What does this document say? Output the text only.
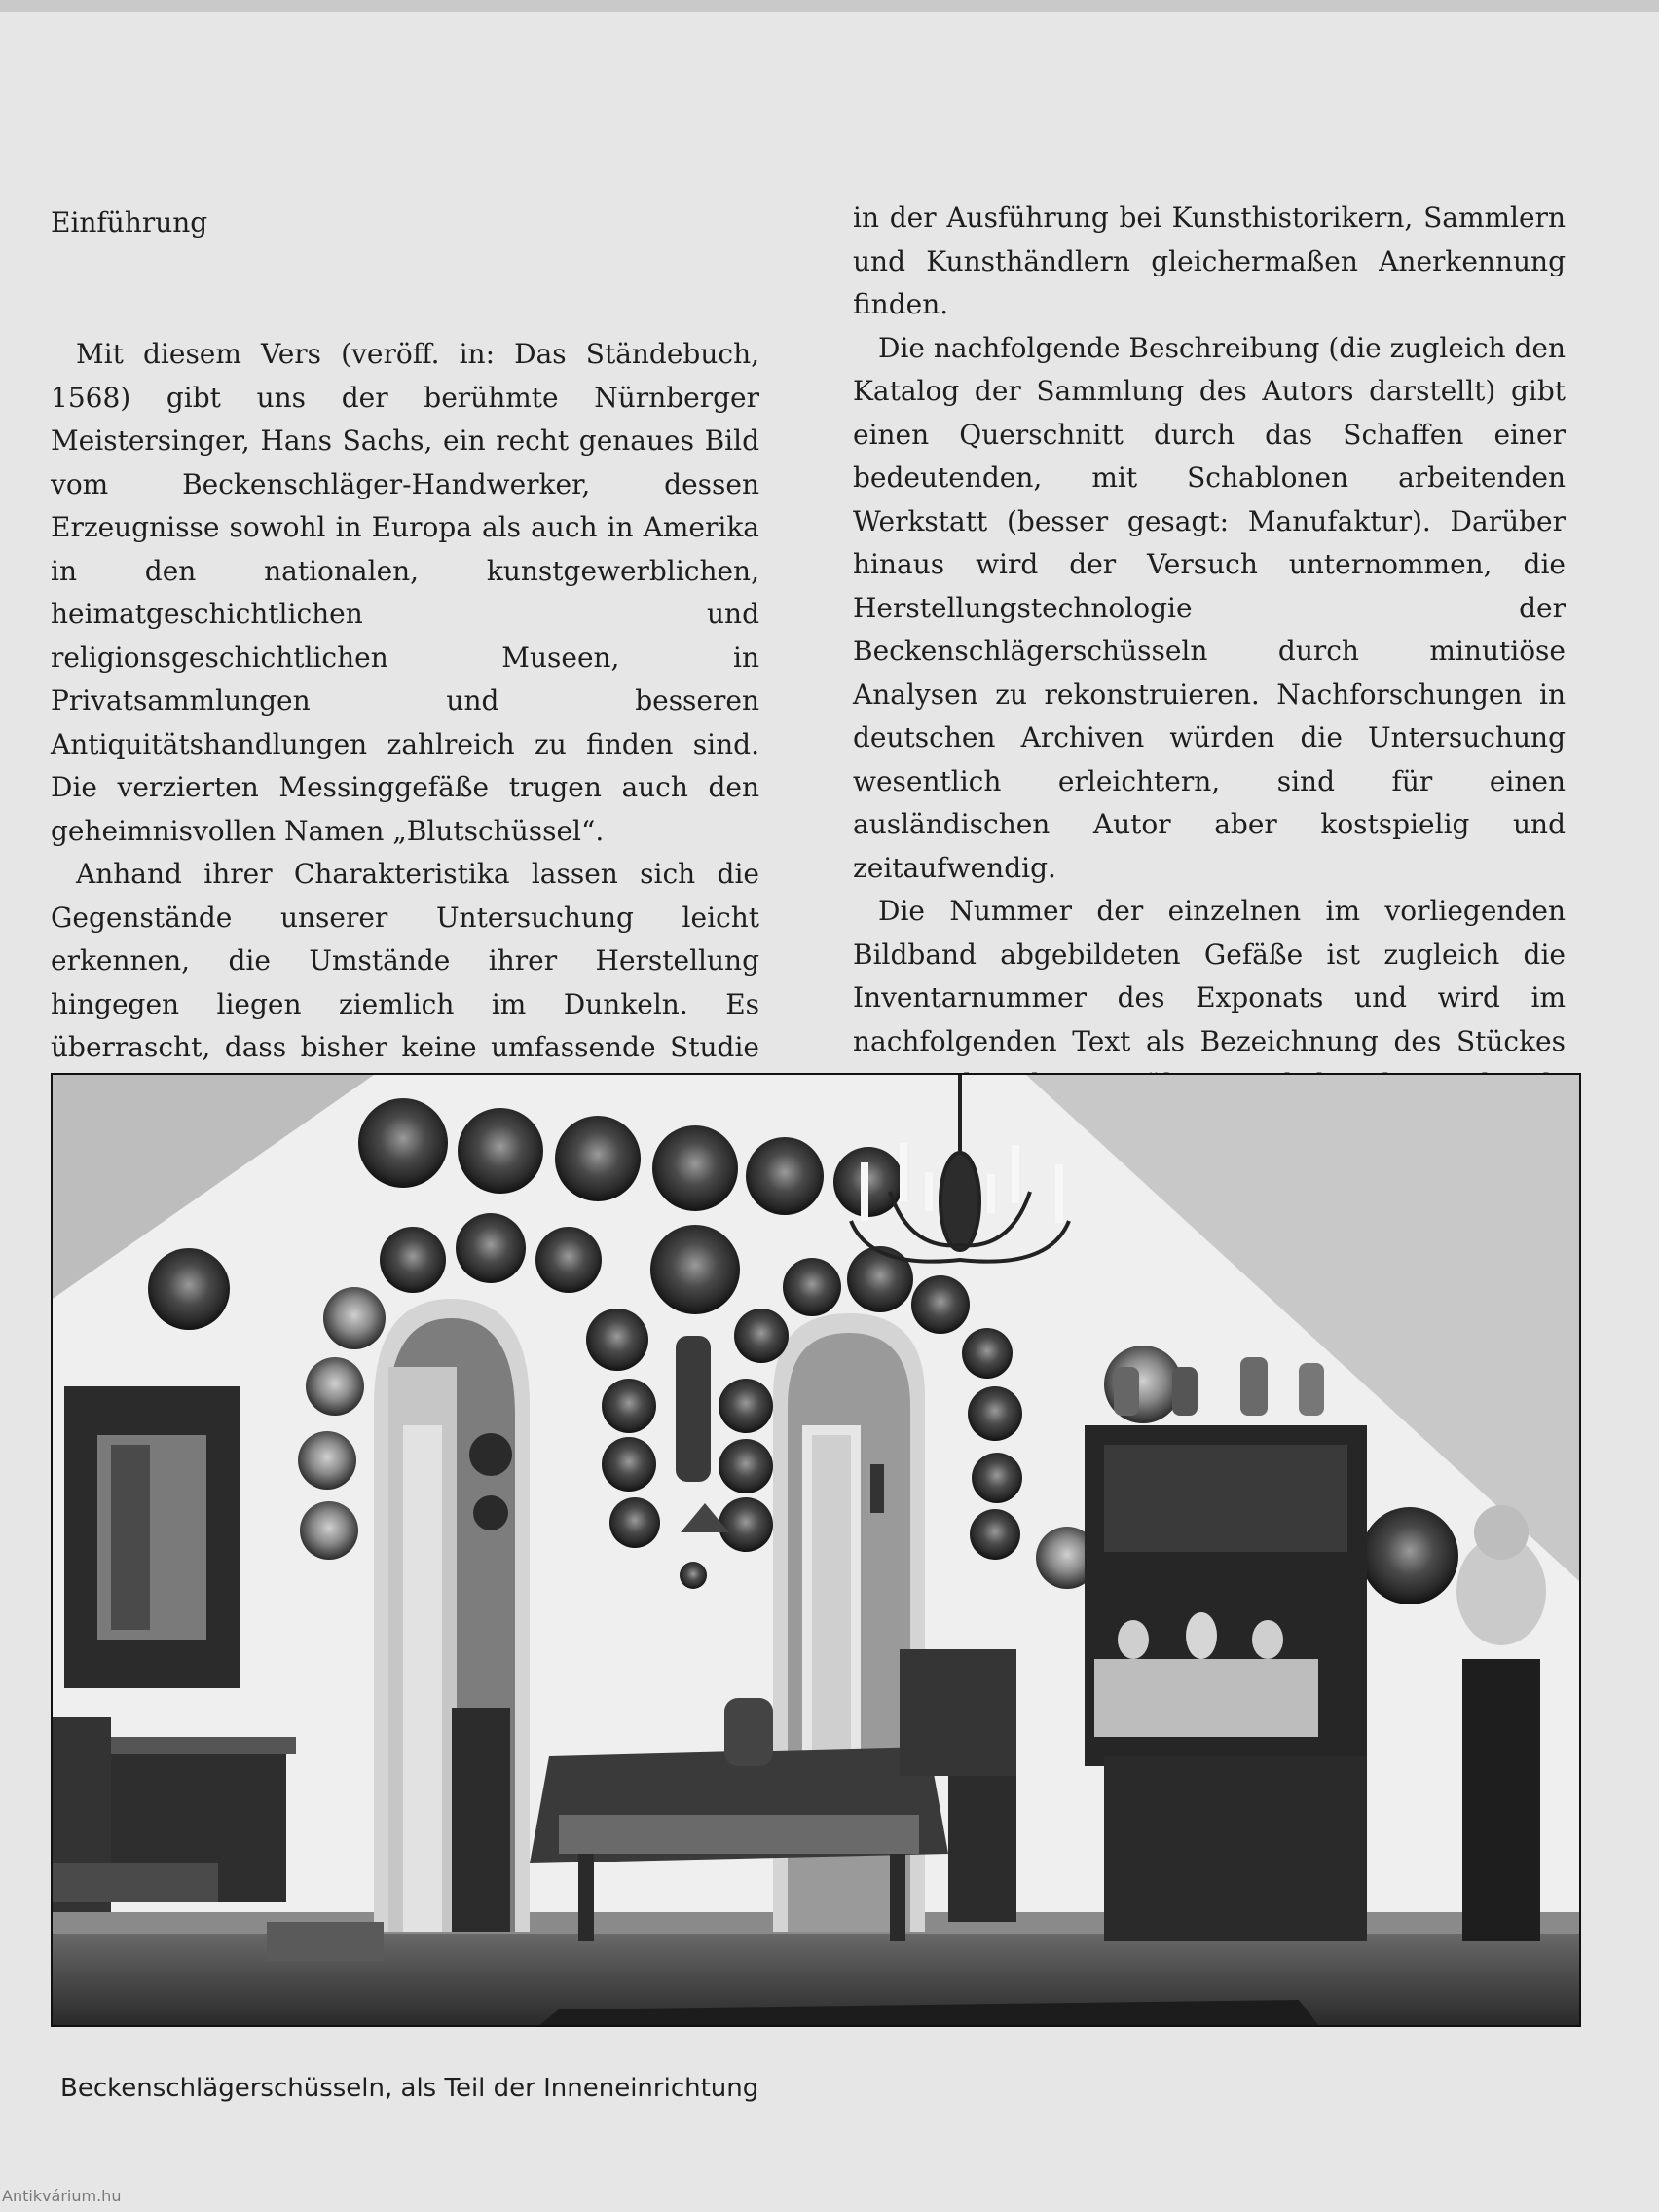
Einführung

Mit diesem Vers (veröff. in: Das Ständebuch, 1568) gibt uns der berühmte Nürnberger Meistersinger, Hans Sachs, ein recht genaues Bild vom Beckenschläger-Handwerker, dessen Erzeugnisse sowohl in Europa als auch in Amerika in den nationalen, kunstgewerblichen, heimatgeschichtlichen und religionsgeschichtlichen Museen, in Privatsammlungen und besseren Antiquitätshandlungen zahlreich zu finden sind. Die verzierten Messinggefäße trugen auch den geheimnisvollen Namen „Blutschüssel“.

Anhand ihrer Charakteristika lassen sich die Gegenstände unserer Untersuchung leicht erkennen, die Umstände ihrer Herstellung hingegen liegen ziemlich im Dunkeln. Es überrascht, dass bisher keine umfassende Studie

in der Ausführung bei Kunsthistorikern, Sammlern und Kunsthändlern gleichermaßen Anerkennung finden.

Die nachfolgende Beschreibung (die zugleich den Katalog der Sammlung des Autors darstellt) gibt einen Querschnitt durch das Schaffen einer bedeutenden, mit Schablonen arbeitenden Werkstatt (besser gesagt: Manufaktur). Darüber hinaus wird der Versuch unternommen, die Herstellungstechnologie der Beckenschlägerschüsseln durch minutiöse Analysen zu rekonstruieren. Nachforschungen in deutschen Archiven würden die Untersuchung wesentlich erleichtern, sind für einen ausländischen Autor aber kostspielig und zeitaufwendig.

Die Nummer der einzelnen im vorliegenden Bildband abgebildeten Gefäße ist zugleich die Inventarnummer des Exponats und wird im nachfolgenden Text als Bezeichnung des Stückes

Beckenschlägerschüsseln, als Teil der Inneneinrichtung
Antikvárium.hu
